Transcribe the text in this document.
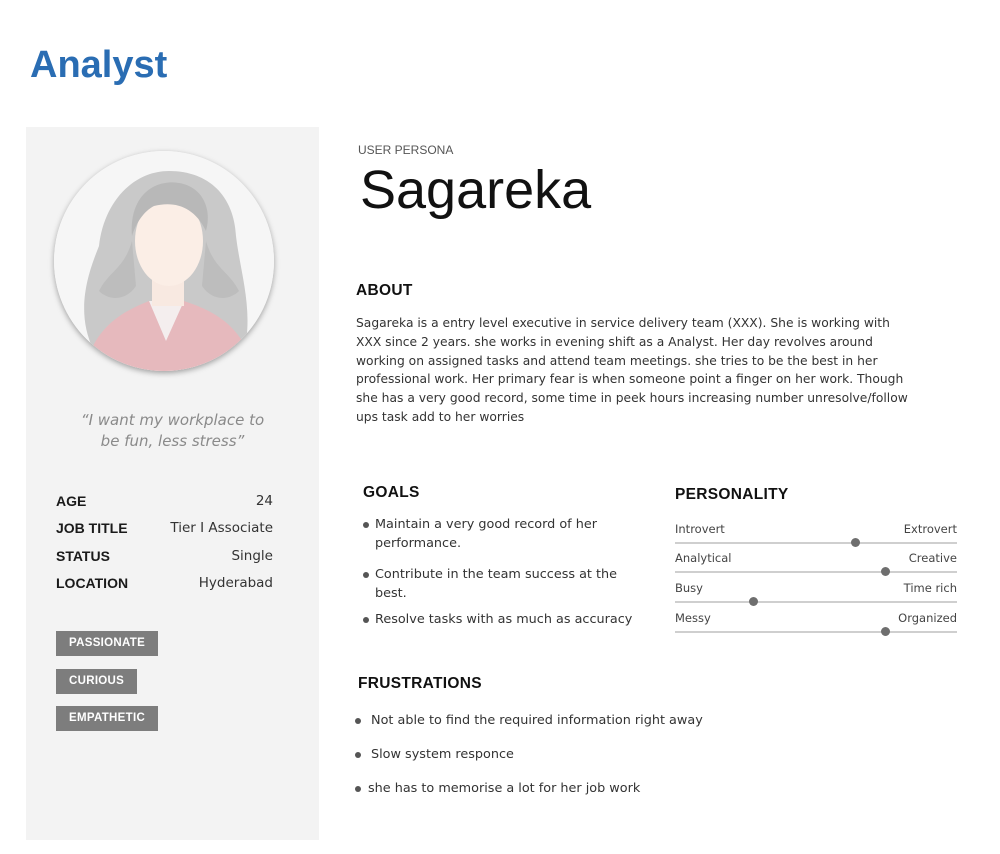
Analyst
“I want my workplace to
be fun, less stress”
AGE	24
JOB TITLE	Tier I Associate
STATUS	Single
LOCATION	Hyderabad
PASSIONATE
CURIOUS
EMPATHETIC
USER PERSONA
Sagareka
ABOUT
Sagareka is a entry level executive in service delivery team (XXX). She is working with XXX since 2 years. she works in evening shift as a Analyst. Her day revolves around working on assigned tasks and attend team meetings. she tries to be the best in her professional work. Her primary fear is when someone point a finger on her work. Though she has a very good record, some time in peek hours increasing number unresolve/follow ups task add to her worries
GOALS
Maintain a very good record of her performance.
Contribute in the team success at the best.
Resolve tasks with as much as accuracy
PERSONALITY
Introvert	Extrovert
Analytical	Creative
Busy	Time rich
Messy	Organized
FRUSTRATIONS
Not able to find the required information right away
Slow system responce
she has to memorise a lot for her job work
